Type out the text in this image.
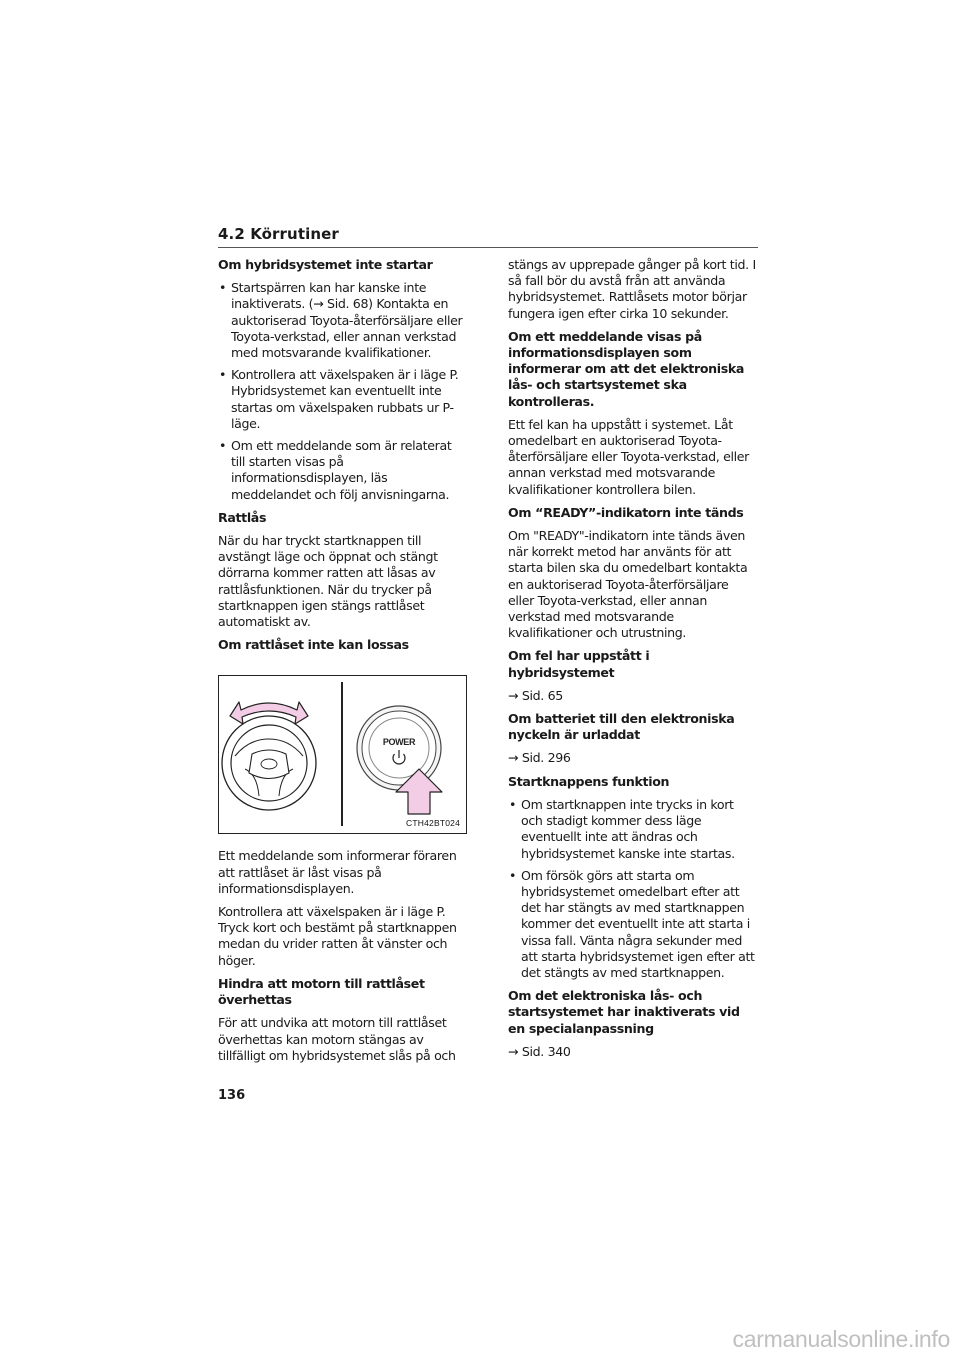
4.2 Körrutiner
Om hybridsystemet inte startar
• Startspärren kan har kanske inte inaktiverats. (→ Sid. 68) Kontakta en auktoriserad Toyota-återförsäljare eller Toyota-verkstad, eller annan verkstad med motsvarande kvalifikationer.
• Kontrollera att växelspaken är i läge P. Hybridsystemet kan eventuellt inte startas om växelspaken rubbats ur P-läge.
• Om ett meddelande som är relaterat till starten visas på informationsdisplayen, läs meddelandet och följ anvisningarna.
Rattlås
När du har tryckt startknappen till avstängt läge och öppnat och stängt dörrarna kommer ratten att låsas av rattlåsfunktionen. När du trycker på startknappen igen stängs rattlåset automatiskt av.
Om rattlåset inte kan lossas
POWER
CTH42BT024
Ett meddelande som informerar föraren att rattlåset är låst visas på informationsdisplayen.
Kontrollera att växelspaken är i läge P. Tryck kort och bestämt på startknappen medan du vrider ratten åt vänster och höger.
Hindra att motorn till rattlåset överhettas
För att undvika att motorn till rattlåset överhettas kan motorn stängas av tillfälligt om hybridsystemet slås på och
stängs av upprepade gånger på kort tid. I så fall bör du avstå från att använda hybridsystemet. Rattlåsets motor börjar fungera igen efter cirka 10 sekunder.
Om ett meddelande visas på informationsdisplayen som informerar om att det elektroniska lås- och startsystemet ska kontrolleras.
Ett fel kan ha uppstått i systemet. Låt omedelbart en auktoriserad Toyota-återförsäljare eller Toyota-verkstad, eller annan verkstad med motsvarande kvalifikationer kontrollera bilen.
Om “READY”-indikatorn inte tänds
Om "READY"-indikatorn inte tänds även när korrekt metod har använts för att starta bilen ska du omedelbart kontakta en auktoriserad Toyota-återförsäljare eller Toyota-verkstad, eller annan verkstad med motsvarande kvalifikationer och utrustning.
Om fel har uppstått i hybridsystemet
→ Sid. 65
Om batteriet till den elektroniska nyckeln är urladdat
→ Sid. 296
Startknappens funktion
• Om startknappen inte trycks in kort och stadigt kommer dess läge eventuellt inte att ändras och hybridsystemet kanske inte startas.
• Om försök görs att starta om hybridsystemet omedelbart efter att det har stängts av med startknappen kommer det eventuellt inte att starta i vissa fall. Vänta några sekunder med att starta hybridsystemet igen efter att det stängts av med startknappen.
Om det elektroniska lås- och startsystemet har inaktiverats vid en specialanpassning
→ Sid. 340
136
carmanualsonline.info
